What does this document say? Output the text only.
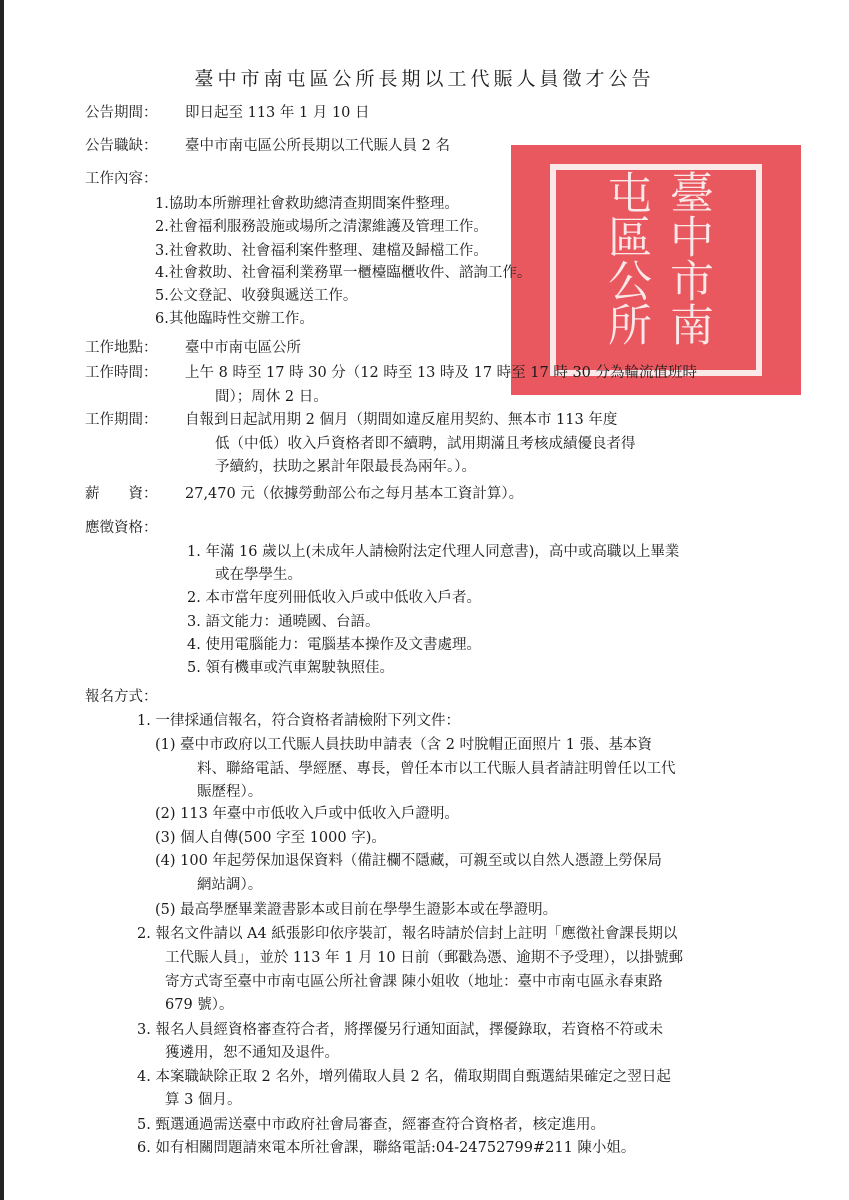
臺中市南屯區公所
臺中市南屯區公所長期以工代賑人員徵才公告
公告期間： 即日起至 113 年 1 月 10 日
公告職缺： 臺中市南屯區公所長期以工代賑人員 2 名
工作內容：
1.協助本所辦理社會救助總清查期間案件整理。
2.社會福利服務設施或場所之清潔維護及管理工作。
3.社會救助、社會福利案件整理、建檔及歸檔工作。
4.社會救助、社會福利業務單一櫃檯臨櫃收件、諮詢工作。
5.公文登記、收發與遞送工作。
6.其他臨時性交辦工作。
工作地點： 臺中市南屯區公所
工作時間： 上午 8 時至 17 時 30 分（12 時至 13 時及 17 時至 17 時 30 分為輪流值班時
間）；周休 2 日。
工作期間： 自報到日起試用期 2 個月（期間如違反雇用契約、無本市 113 年度
低（中低）收入戶資格者即不續聘，試用期滿且考核成績優良者得
予續約，扶助之累計年限最長為兩年。）。
薪　　資： 27,470 元（依據勞動部公布之每月基本工資計算）。
應徵資格：
1. 年滿 16 歲以上(未成年人請檢附法定代理人同意書)，高中或高職以上畢業
或在學學生。
2. 本市當年度列冊低收入戶或中低收入戶者。
3. 語文能力：通曉國、台語。
4. 使用電腦能力：電腦基本操作及文書處理。
5. 領有機車或汽車駕駛執照佳。
報名方式：
1. 一律採通信報名，符合資格者請檢附下列文件：
(1) 臺中市政府以工代賑人員扶助申請表（含 2 吋脫帽正面照片 1 張、基本資
料、聯絡電話、學經歷、專長，曾任本市以工代賑人員者請註明曾任以工代
賑歷程）。
(2) 113 年臺中市低收入戶或中低收入戶證明。
(3) 個人自傳(500 字至 1000 字)。
(4) 100 年起勞保加退保資料（備註欄不隱藏，可親至或以自然人憑證上勞保局
網站調）。
(5) 最高學歷畢業證書影本或目前在學學生證影本或在學證明。
2. 報名文件請以 A4 紙張影印依序裝訂，報名時請於信封上註明「應徵社會課長期以
工代賑人員」，並於 113 年 1 月 10 日前（郵戳為憑、逾期不予受理），以掛號郵
寄方式寄至臺中市南屯區公所社會課 陳小姐收（地址：臺中市南屯區永春東路
679 號）。
3. 報名人員經資格審查符合者，將擇優另行通知面試，擇優錄取，若資格不符或未
獲遴用，恕不通知及退件。
4. 本案職缺除正取 2 名外，增列備取人員 2 名，備取期間自甄選結果確定之翌日起
算 3 個月。
5. 甄選通過需送臺中市政府社會局審查，經審查符合資格者，核定進用。
6. 如有相關問題請來電本所社會課，聯絡電話:04-24752799#211 陳小姐。
